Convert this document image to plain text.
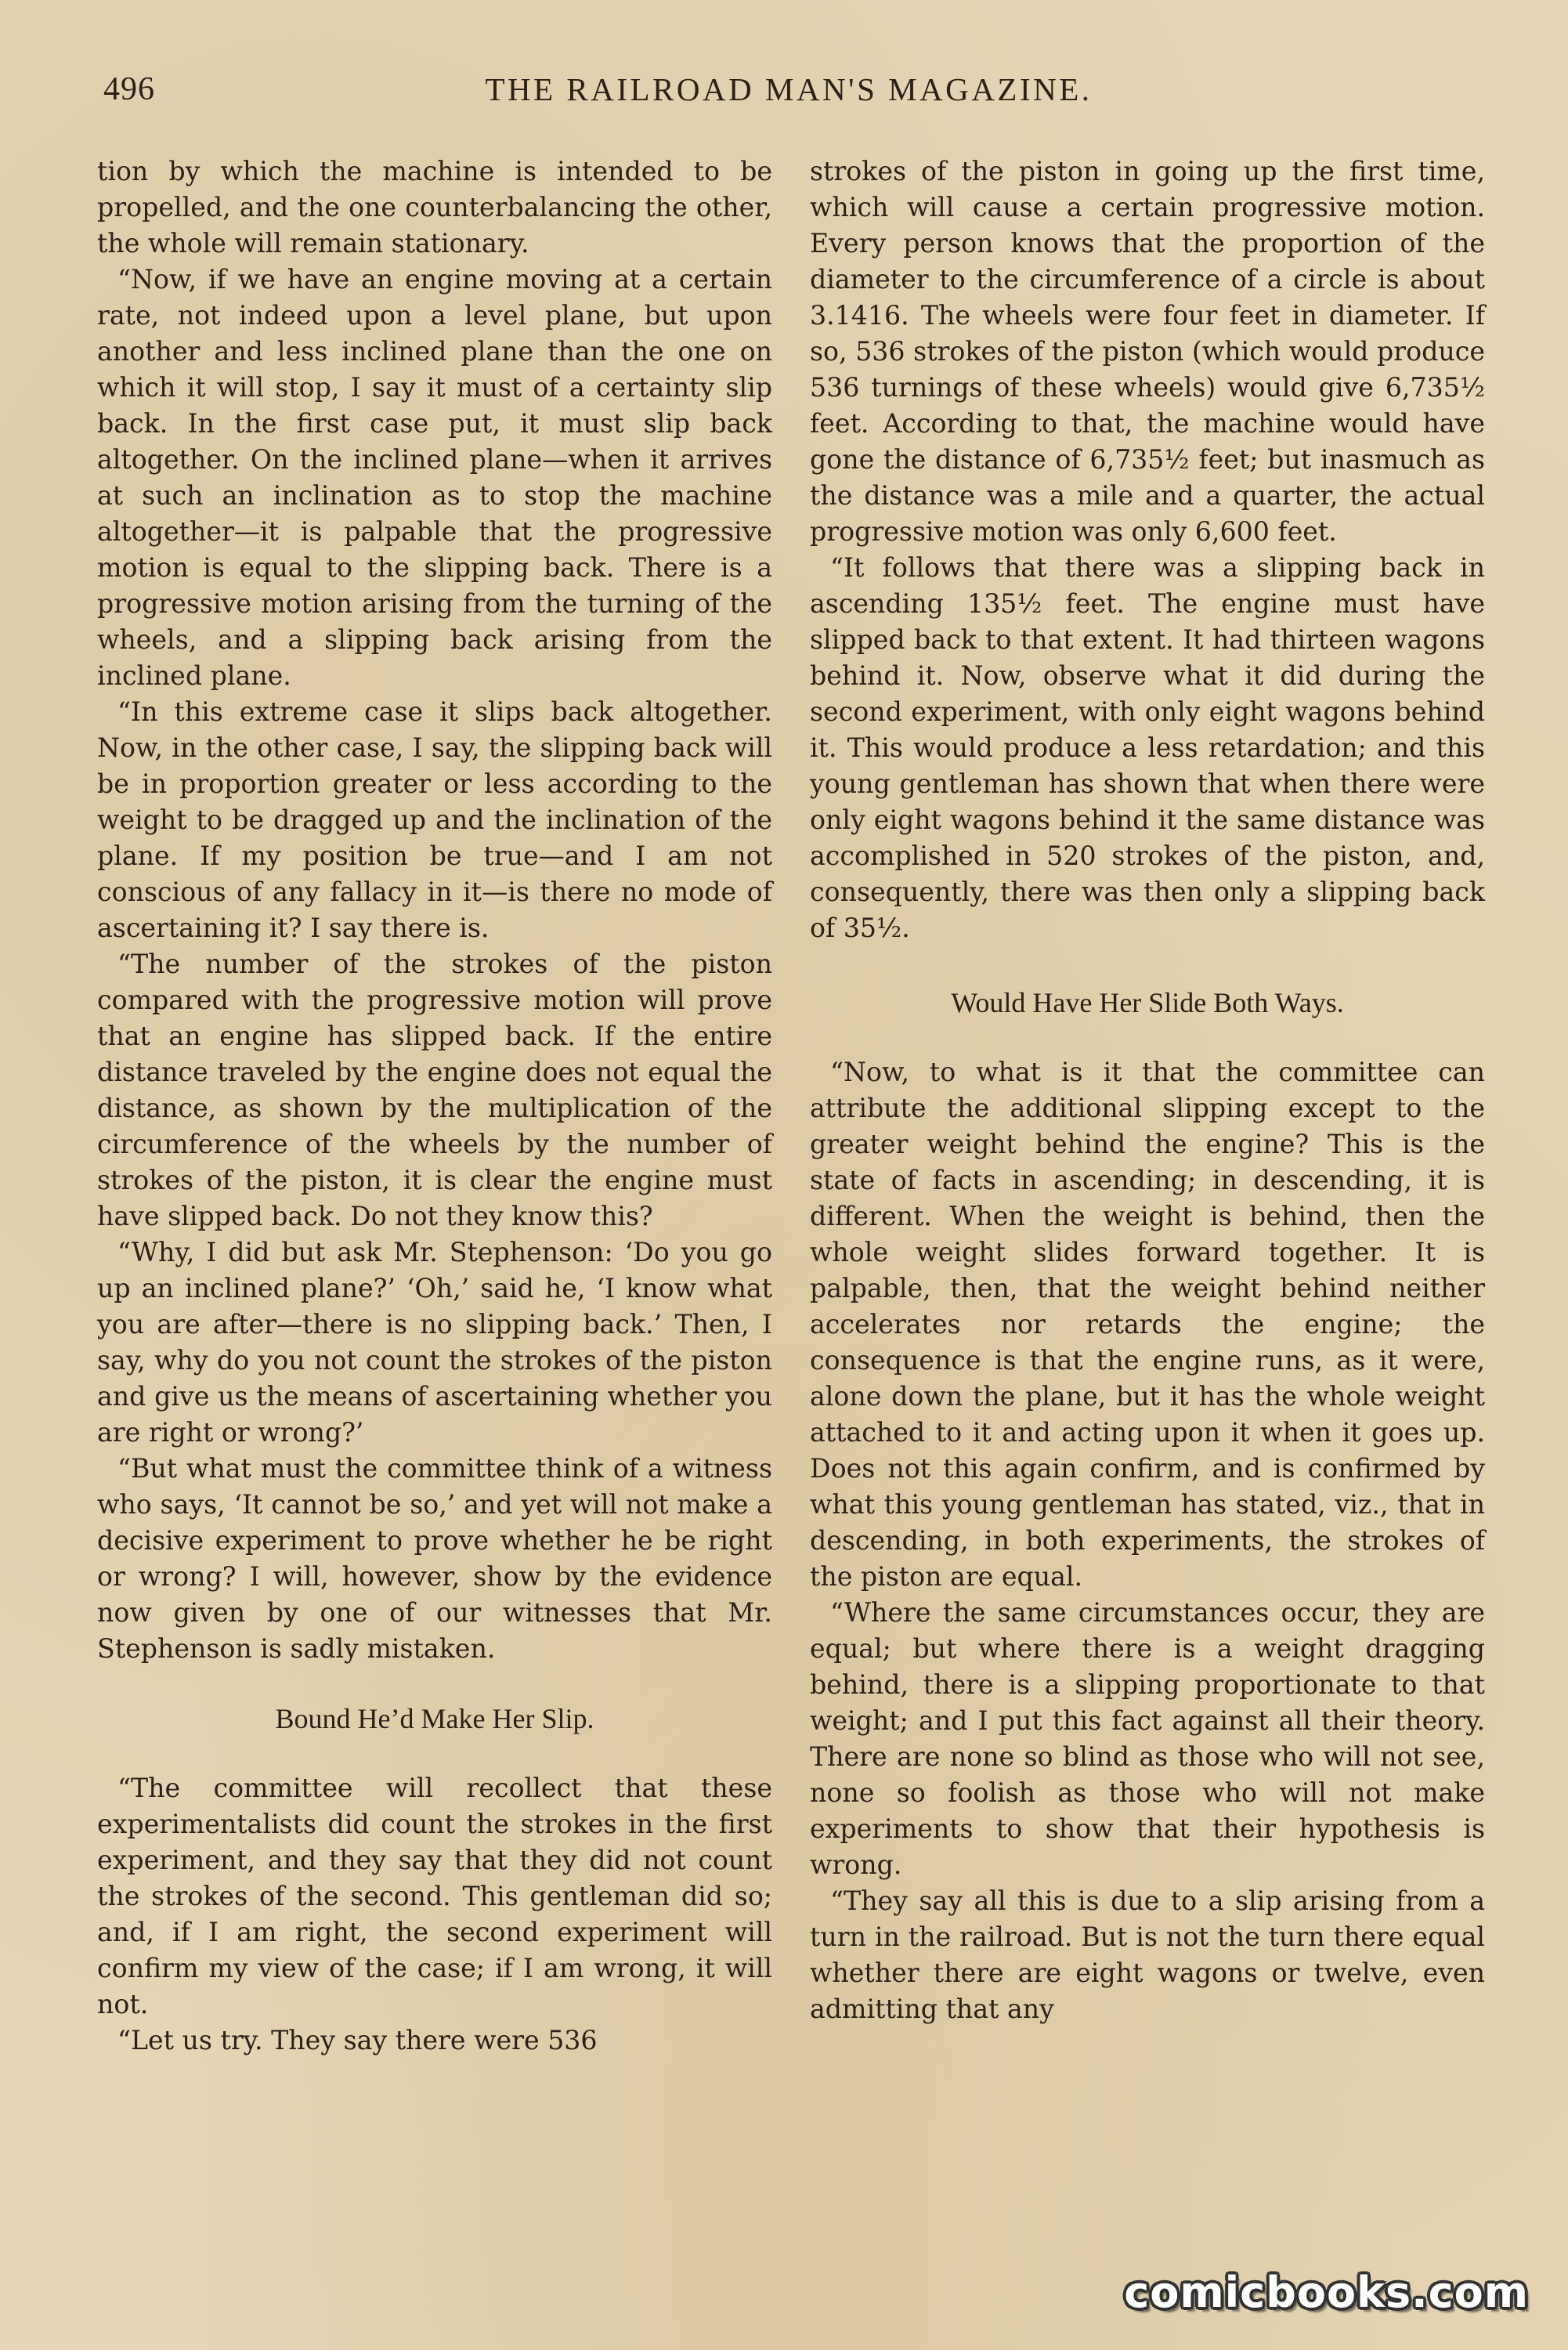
496	THE RAILROAD MAN'S MAGAZINE.

tion by which the machine is intended to be propelled, and the one counterbalancing the other, the whole will remain stationary.

“Now, if we have an engine moving at a certain rate, not indeed upon a level plane, but upon another and less inclined plane than the one on which it will stop, I say it must of a certainty slip back. In the first case put, it must slip back altogether. On the inclined plane—when it arrives at such an inclination as to stop the machine altogether—it is palpable that the progressive motion is equal to the slipping back. There is a progressive motion arising from the turning of the wheels, and a slipping back arising from the inclined plane.

“In this extreme case it slips back altogether. Now, in the other case, I say, the slipping back will be in proportion greater or less according to the weight to be dragged up and the inclination of the plane. If my position be true—and I am not conscious of any fallacy in it—is there no mode of ascertaining it? I say there is.

“The number of the strokes of the piston compared with the progressive motion will prove that an engine has slipped back. If the entire distance traveled by the engine does not equal the distance, as shown by the multiplication of the circumference of the wheels by the number of strokes of the piston, it is clear the engine must have slipped back. Do not they know this?

“Why, I did but ask Mr. Stephenson: ‘Do you go up an inclined plane?’ ‘Oh,’ said he, ‘I know what you are after—there is no slipping back.’ Then, I say, why do you not count the strokes of the piston and give us the means of ascertaining whether you are right or wrong?’

“But what must the committee think of a witness who says, ‘It cannot be so,’ and yet will not make a decisive experiment to prove whether he be right or wrong? I will, however, show by the evidence now given by one of our witnesses that Mr. Stephenson is sadly mistaken.

Bound He’d Make Her Slip.

“The committee will recollect that these experimentalists did count the strokes in the first experiment, and they say that they did not count the strokes of the second. This gentleman did so; and, if I am right, the second experiment will confirm my view of the case; if I am wrong, it will not.

“Let us try. They say there were 536

strokes of the piston in going up the first time, which will cause a certain progressive motion. Every person knows that the proportion of the diameter to the circumference of a circle is about 3.1416. The wheels were four feet in diameter. If so, 536 strokes of the piston (which would produce 536 turnings of these wheels) would give 6,735½ feet. According to that, the machine would have gone the distance of 6,735½ feet; but inasmuch as the distance was a mile and a quarter, the actual progressive motion was only 6,600 feet.

“It follows that there was a slipping back in ascending 135½ feet. The engine must have slipped back to that extent. It had thirteen wagons behind it. Now, observe what it did during the second experiment, with only eight wagons behind it. This would produce a less retardation; and this young gentleman has shown that when there were only eight wagons behind it the same distance was accomplished in 520 strokes of the piston, and, consequently, there was then only a slipping back of 35½.

Would Have Her Slide Both Ways.

“Now, to what is it that the committee can attribute the additional slipping except to the greater weight behind the engine? This is the state of facts in ascending; in descending, it is different. When the weight is behind, then the whole weight slides forward together. It is palpable, then, that the weight behind neither accelerates nor retards the engine; the consequence is that the engine runs, as it were, alone down the plane, but it has the whole weight attached to it and acting upon it when it goes up. Does not this again confirm, and is confirmed by what this young gentleman has stated, viz., that in descending, in both experiments, the strokes of the piston are equal.

“Where the same circumstances occur, they are equal; but where there is a weight dragging behind, there is a slipping proportionate to that weight; and I put this fact against all their theory. There are none so blind as those who will not see, none so foolish as those who will not make experiments to show that their hypothesis is wrong.

“They say all this is due to a slip arising from a turn in the railroad. But is not the turn there equal whether there are eight wagons or twelve, even admitting that any

comicbooks.com
